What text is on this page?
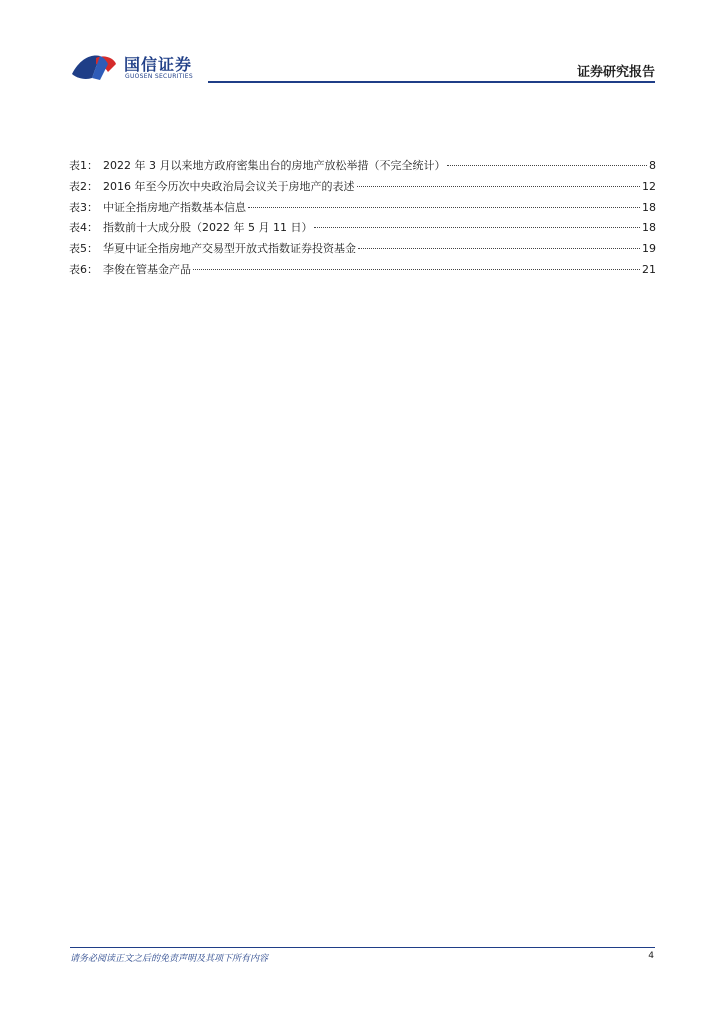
国信证券
GUOSEN SECURITIES	证券研究报告
表1： 2022 年 3 月以来地方政府密集出台的房地产放松举措（不完全统计）	8
表2： 2016 年至今历次中央政治局会议关于房地产的表述	12
表3： 中证全指房地产指数基本信息	18
表4： 指数前十大成分股（2022 年 5 月 11 日）	18
表5： 华夏中证全指房地产交易型开放式指数证券投资基金	19
表6： 李俊在管基金产品	21
请务必阅读正文之后的免责声明及其项下所有内容	4
